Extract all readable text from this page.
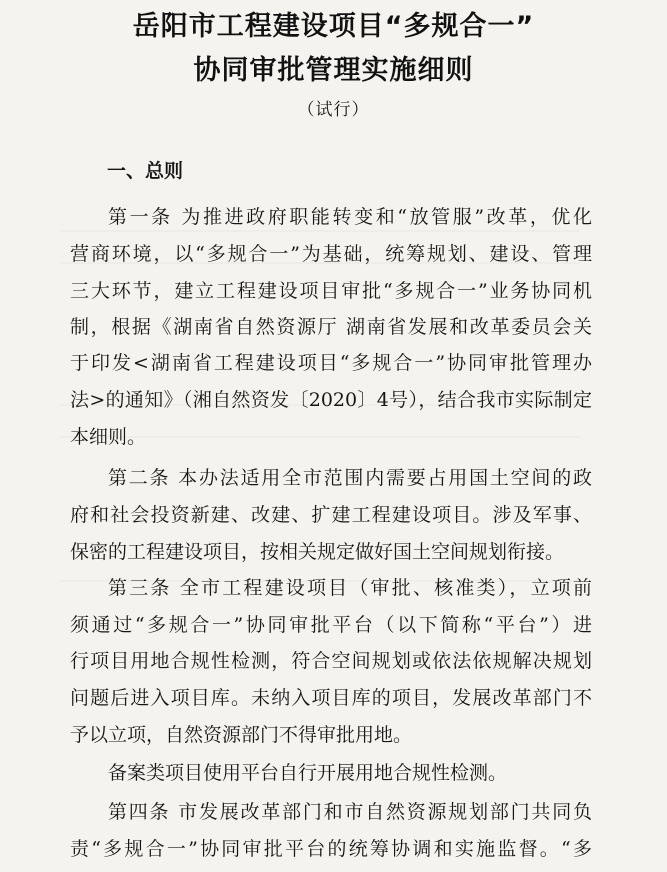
岳阳市工程建设项目“多规合一”
协同审批管理实施细则
（试行）
一、总则
第一条 为推进政府职能转变和“放管服”改革，优化
营商环境，以“多规合一”为基础，统筹规划、建设、管理
三大环节，建立工程建设项目审批“多规合一”业务协同机
制，根据《湖南省自然资源厅 湖南省发展和改革委员会关
于印发<湖南省工程建设项目“多规合一”协同审批管理办
法>的通知》（湘自然资发〔2020〕4号），结合我市实际制定
本细则。
第二条 本办法适用全市范围内需要占用国土空间的政
府和社会投资新建、改建、扩建工程建设项目。涉及军事、
保密的工程建设项目，按相关规定做好国土空间规划衔接。
第三条 全市工程建设项目（审批、核准类），立项前
须通过“多规合一”协同审批平台（以下简称“平台”）进
行项目用地合规性检测，符合空间规划或依法依规解决规划
问题后进入项目库。未纳入项目库的项目，发展改革部门不
予以立项，自然资源部门不得审批用地。
备案类项目使用平台自行开展用地合规性检测。
第四条 市发展改革部门和市自然资源规划部门共同负
责“多规合一”协同审批平台的统筹协调和实施监督。“多
